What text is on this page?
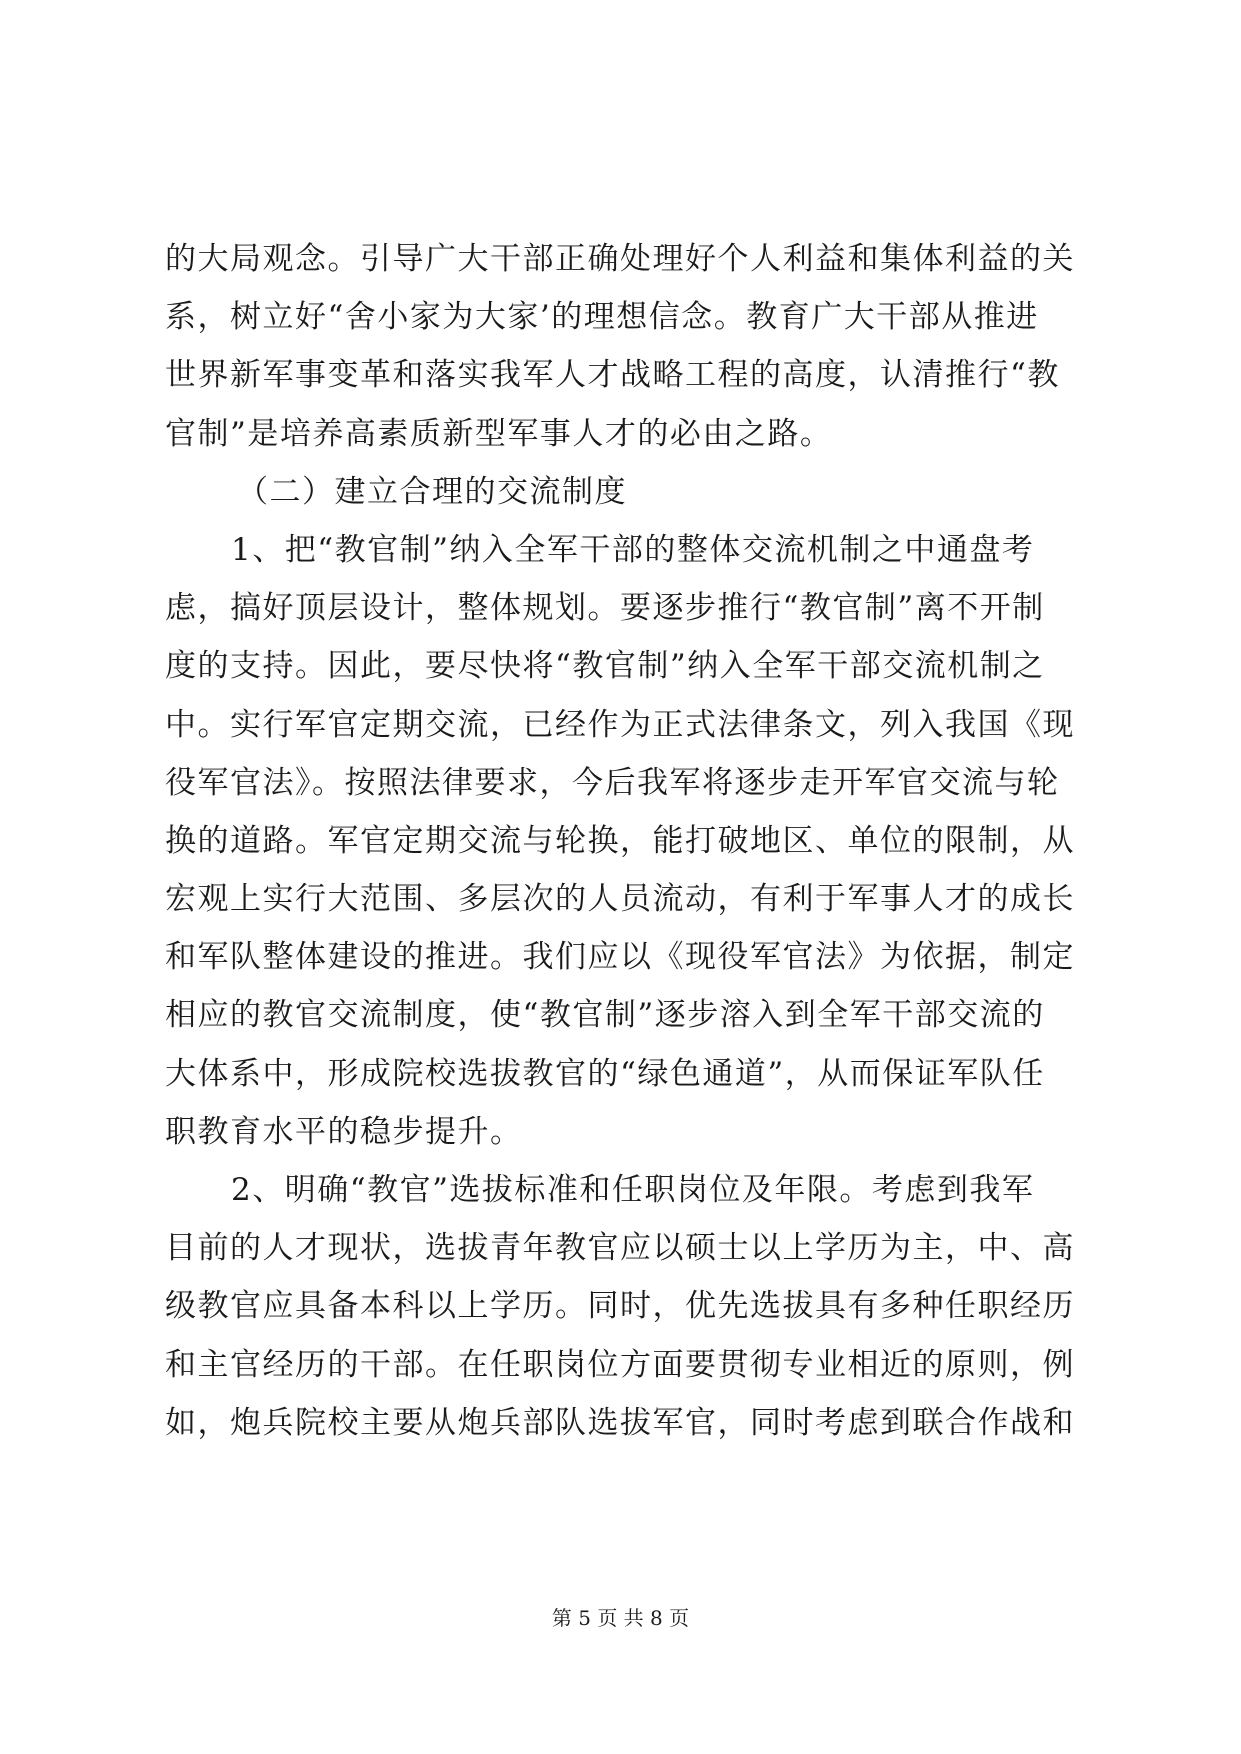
的大局观念。引导广大干部正确处理好个人利益和集体利益的关
系，树立好“舍小家为大家’的理想信念。教育广大干部从推进
世界新军事变革和落实我军人才战略工程的高度，认清推行“教
官制”是培养高素质新型军事人才的必由之路。
（二）建立合理的交流制度
1、把“教官制”纳入全军干部的整体交流机制之中通盘考
虑，搞好顶层设计，整体规划。要逐步推行“教官制”离不开制
度的支持。因此，要尽快将“教官制”纳入全军干部交流机制之
中。实行军官定期交流，已经作为正式法律条文，列入我国《现
役军官法》。按照法律要求，今后我军将逐步走开军官交流与轮
换的道路。军官定期交流与轮换，能打破地区、单位的限制，从
宏观上实行大范围、多层次的人员流动，有利于军事人才的成长
和军队整体建设的推进。我们应以《现役军官法》为依据，制定
相应的教官交流制度，使“教官制”逐步溶入到全军干部交流的
大体系中，形成院校选拔教官的“绿色通道”，从而保证军队任
职教育水平的稳步提升。
2、明确“教官”选拔标准和任职岗位及年限。考虑到我军
目前的人才现状，选拔青年教官应以硕士以上学历为主，中、高
级教官应具备本科以上学历。同时，优先选拔具有多种任职经历
和主官经历的干部。在任职岗位方面要贯彻专业相近的原则，例
如，炮兵院校主要从炮兵部队选拔军官，同时考虑到联合作战和
第 5 页 共 8 页
